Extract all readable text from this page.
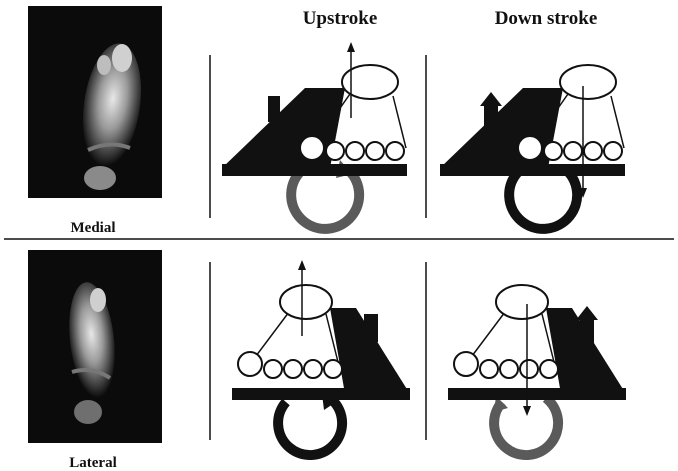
Upstroke	Down stroke
Medial
Lateral
